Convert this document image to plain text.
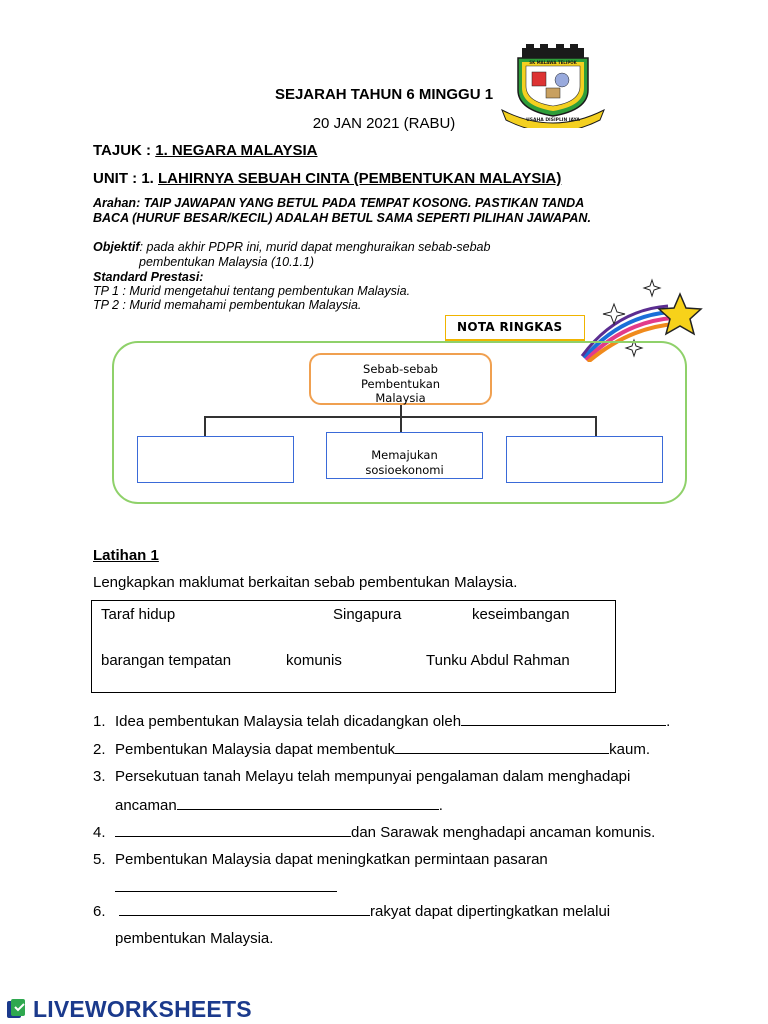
SEJARAH TAHUN 6 MINGGU 1
20 JAN 2021 (RABU)
SK MALAWA TELIPOK
USAHA DISIPLIN JAYA
TAJUK : 1. NEGARA MALAYSIA
UNIT : 1. LAHIRNYA SEBUAH CINTA (PEMBENTUKAN MALAYSIA)
Arahan: TAIP JAWAPAN YANG BETUL PADA TEMPAT KOSONG. PASTIKAN TANDA
BACA (HURUF BESAR/KECIL) ADALAH BETUL SAMA SEPERTI PILIHAN JAWAPAN.
Objektif: pada akhir PDPR ini, murid dapat menghuraikan sebab-sebab
pembentukan Malaysia (10.1.1)
Standard Prestasi:
TP 1 : Murid mengetahui tentang pembentukan Malaysia.
TP 2 : Murid memahami pembentukan Malaysia.
NOTA RINGKAS
Sebab-sebab
Pembentukan
Malaysia
Memajukan
sosioekonomi
Latihan 1
Lengkapkan maklumat berkaitan sebab pembentukan Malaysia.
Taraf hidup	Singapura	keseimbangan
barangan tempatan	komunis	Tunku Abdul Rahman
1. Idea pembentukan Malaysia telah dicadangkan oleh	.
2. Pembentukan Malaysia dapat membentuk	kaum.
3. Persekutuan tanah Melayu telah mempunyai pengalaman dalam menghadapi
ancaman	.
4.	dan Sarawak menghadapi ancaman komunis.
5. Pembentukan Malaysia dapat meningkatkan permintaan pasaran
6.	rakyat dapat dipertingkatkan melalui
pembentukan Malaysia.
LIVEWORKSHEETS
